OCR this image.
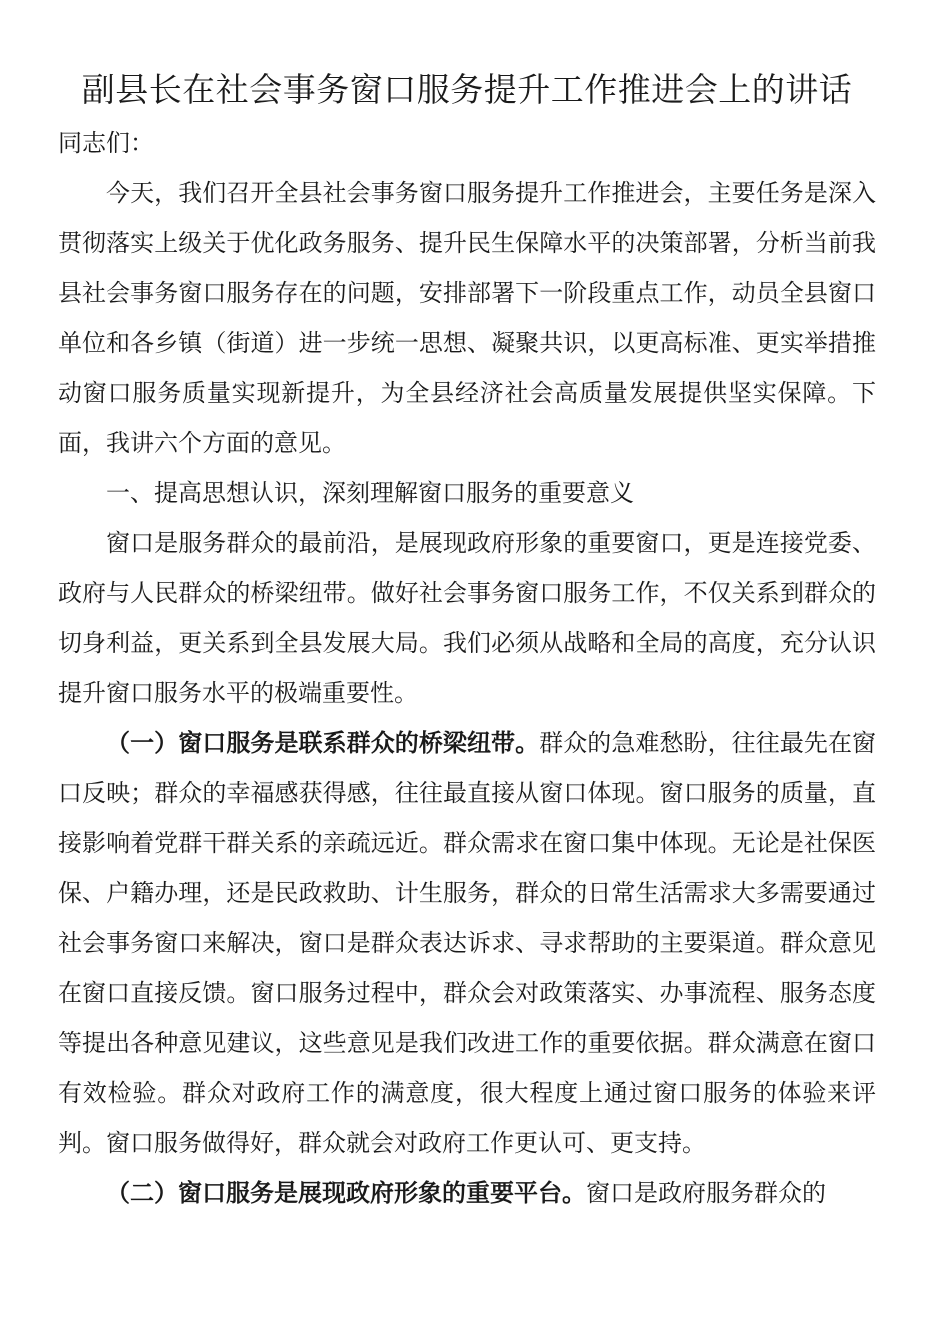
副县长在社会事务窗口服务提升工作推进会上的讲话

同志们：

今天，我们召开全县社会事务窗口服务提升工作推进会，主要任务是深入贯彻落实上级关于优化政务服务、提升民生保障水平的决策部署，分析当前我县社会事务窗口服务存在的问题，安排部署下一阶段重点工作，动员全县窗口单位和各乡镇（街道）进一步统一思想、凝聚共识，以更高标准、更实举措推动窗口服务质量实现新提升，为全县经济社会高质量发展提供坚实保障。下面，我讲六个方面的意见。

一、提高思想认识，深刻理解窗口服务的重要意义

窗口是服务群众的最前沿，是展现政府形象的重要窗口，更是连接党委、政府与人民群众的桥梁纽带。做好社会事务窗口服务工作，不仅关系到群众的切身利益，更关系到全县发展大局。我们必须从战略和全局的高度，充分认识提升窗口服务水平的极端重要性。

（一）窗口服务是联系群众的桥梁纽带。群众的急难愁盼，往往最先在窗口反映；群众的幸福感获得感，往往最直接从窗口体现。窗口服务的质量，直接影响着党群干群关系的亲疏远近。群众需求在窗口集中体现。无论是社保医保、户籍办理，还是民政救助、计生服务，群众的日常生活需求大多需要通过社会事务窗口来解决，窗口是群众表达诉求、寻求帮助的主要渠道。群众意见在窗口直接反馈。窗口服务过程中，群众会对政策落实、办事流程、服务态度等提出各种意见建议，这些意见是我们改进工作的重要依据。群众满意在窗口有效检验。群众对政府工作的满意度，很大程度上通过窗口服务的体验来评判。窗口服务做得好，群众就会对政府工作更认可、更支持。

（二）窗口服务是展现政府形象的重要平台。窗口是政府服务群众的
